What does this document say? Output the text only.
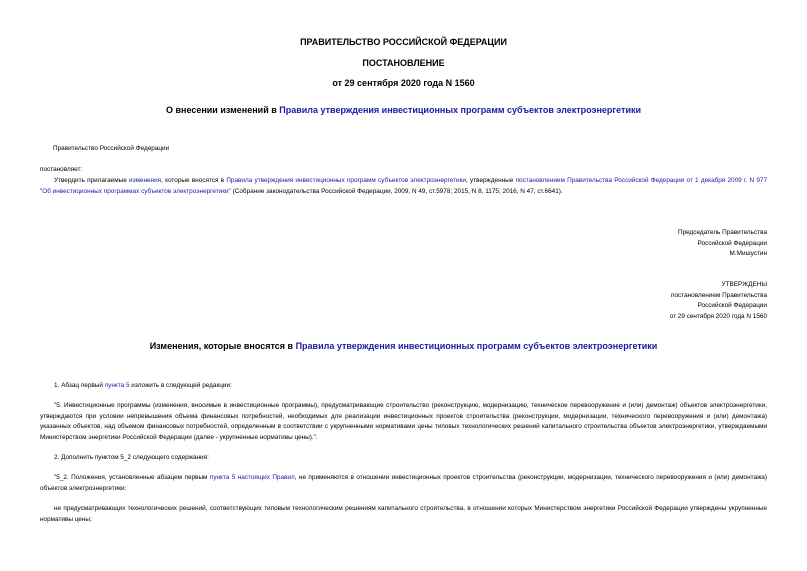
ПРАВИТЕЛЬСТВО РОССИЙСКОЙ ФЕДЕРАЦИИ
ПОСТАНОВЛЕНИЕ
от 29 сентября 2020 года N 1560
О внесении изменений в Правила утверждения инвестиционных программ субъектов электроэнергетики
Правительство Российской Федерации
постановляет:
Утвердить прилагаемые изменения, которые вносятся в Правила утверждения инвестиционных программ субъектов электроэнергетики, утвержденные постановлением Правительства Российской Федерации от 1 декабря 2009 г. N 977 "Об инвестиционных программах субъектов электроэнергетики" (Собрание законодательства Российской Федерации, 2009, N 49, ст.5978; 2015, N 8, 1175; 2016, N 47, ст.6641).
Председатель Правительства
Российской Федерации
М.Мишустин
УТВЕРЖДЕНЫ
постановлением Правительства
Российской Федерации
от 29 сентября 2020 года N 1560
Изменения, которые вносятся в Правила утверждения инвестиционных программ субъектов электроэнергетики
1. Абзац первый пункта 5 изложить в следующей редакции:
"5. Инвестиционные программы (изменения, вносимые в инвестиционные программы), предусматривающие строительство (реконструкцию, модернизацию, техническое перевооружение и (или) демонтаж) объектов электроэнергетики, утверждаются при условии непревышения объема финансовых потребностей, необходимых для реализации инвестиционных проектов строительства (реконструкции, модернизации, технического перевооружения и (или) демонтажа) указанных объектов, над объемом финансовых потребностей, определенным в соответствии с укрупненными нормативами цены типовых технологических решений капитального строительства объектов электроэнергетики, утверждаемыми Министерством энергетики Российской Федерации (далее - укрупненные нормативы цены).".
2. Дополнить пунктом 5_2 следующего содержания:
"5_2. Положения, установленные абзацем первым пункта 5 настоящих Правил, не применяются в отношении инвестиционных проектов строительства (реконструкции, модернизации, технического перевооружения и (или) демонтажа) объектов электроэнергетики:
не предусматривающих технологических решений, соответствующих типовым технологическим решениям капитального строительства, в отношении которых Министерством энергетики Российской Федерации утверждены укрупненные нормативы цены;
